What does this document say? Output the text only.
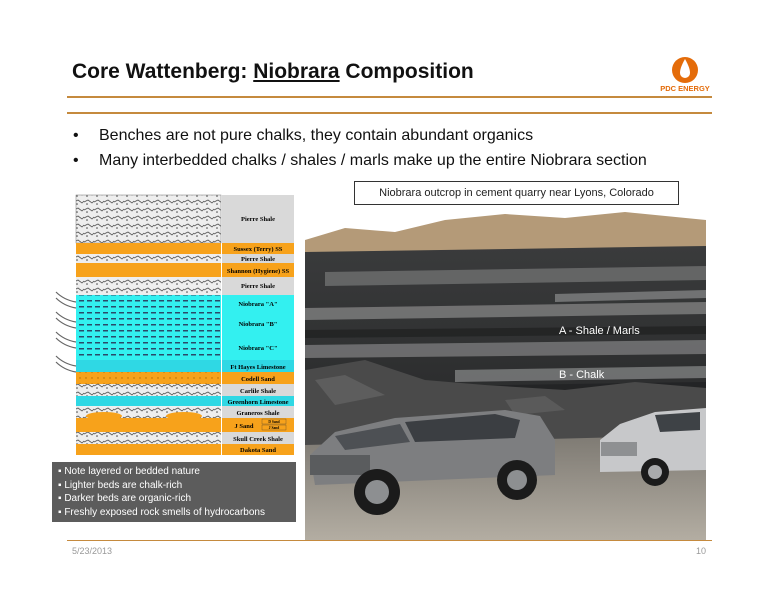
Core Wattenberg: Niobrara Composition
PDC ENERGY
• Benches are not pure chalks, they contain abundant organics
• Many interbedded chalks / shales / marls make up the entire Niobrara section
Niobrara outcrop in cement quarry near Lyons, Colorado
A - Shale / Marls
B - Chalk
Pierre Shale
Sussex (Terry) SS
Pierre Shale
Shannon (Hygiene) SS
Pierre Shale
Niobrara "A"
Niobrara "B"
Niobrara "C"
Ft Hayes Limestone
Codell Sand
Carlile Shale
Greenhorn Limestone
Graneros Shale
J Sand
D Sand
J Sand
Skull Creek Shale
Dakota Sand
▪ Note layered or bedded nature
▪ Lighter beds are chalk-rich
▪ Darker beds are organic-rich
▪ Freshly exposed rock smells of hydrocarbons
5/23/2013	10
